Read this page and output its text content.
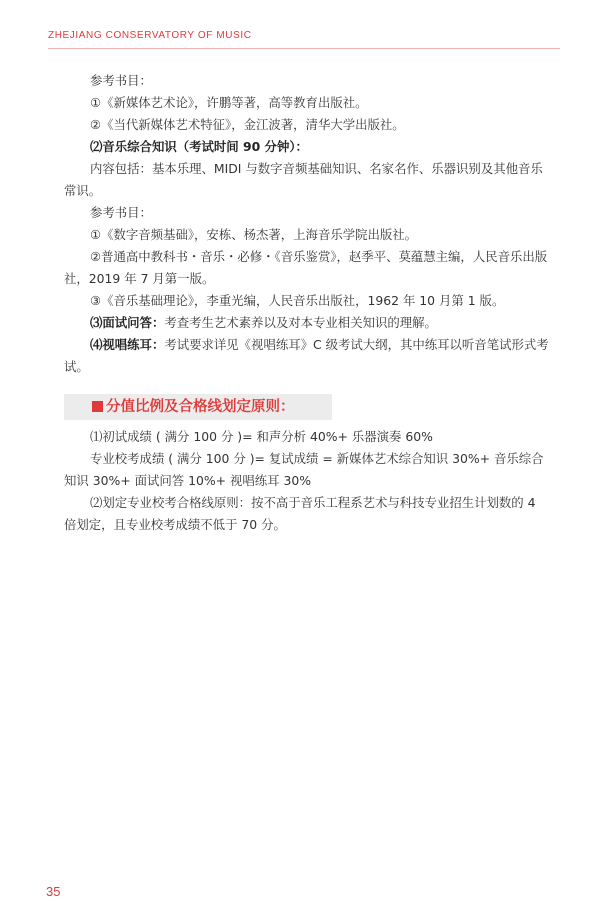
ZHEJIANG CONSERVATORY OF MUSIC

参考书目：

①《新媒体艺术论》，许鹏等著，高等教育出版社。

②《当代新媒体艺术特征》，金江波著，清华大学出版社。

⑵音乐综合知识（考试时间 90 分钟）：

内容包括：基本乐理、MIDI 与数字音频基础知识、名家名作、乐器识别及其他音乐常识。

参考书目：

①《数字音频基础》，安栋、杨杰著，上海音乐学院出版社。

②普通高中教科书・音乐・必修・《音乐鉴赏》，赵季平、莫蕴慧主编，人民音乐出版社，2019 年 7 月第一版。

③《音乐基础理论》，李重光编，人民音乐出版社，1962 年 10 月第 1 版。

⑶面试问答：考查考生艺术素养以及对本专业相关知识的理解。

⑷视唱练耳：考试要求详见《视唱练耳》C 级考试大纲，其中练耳以听音笔试形式考试。

分值比例及合格线划定原则：

⑴初试成绩 ( 满分 100 分 )= 和声分析 40%+ 乐器演奏 60%

专业校考成绩 ( 满分 100 分 )= 复试成绩 = 新媒体艺术综合知识 30%+ 音乐综合知识 30%+ 面试问答 10%+ 视唱练耳 30%

⑵划定专业校考合格线原则：按不高于音乐工程系艺术与科技专业招生计划数的 4 倍划定，且专业校考成绩不低于 70 分。

35
